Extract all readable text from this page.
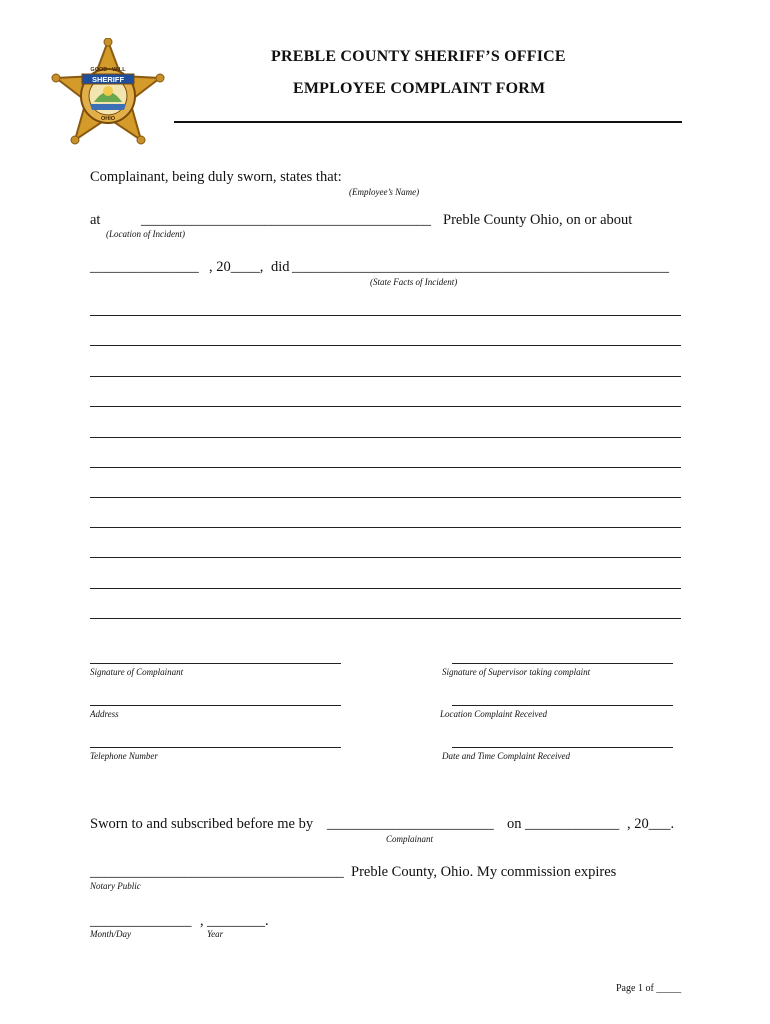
SHERIFF
GOOD · WILL
OHIO
PREBLE COUNTY SHERIFF’S OFFICE
EMPLOYEE COMPLAINT FORM
Complainant, being duly sworn, states that:
(Employee’s Name)
at	________________________________________ Preble County Ohio, on or about
(Location of Incident)
_______________ , 20____, did ____________________________________________________
(State Facts of Incident)
Signature of Complainant	Signature of Supervisor taking complaint
Address	Location Complaint Received
Telephone Number	Date and Time Complaint Received
Sworn to and subscribed before me by _______________________ on _____________ , 20___.
Complainant
___________________________________ Preble County, Ohio. My commission expires
Notary Public
______________ , ________.
Month/Day	Year
Page 1 of _____
